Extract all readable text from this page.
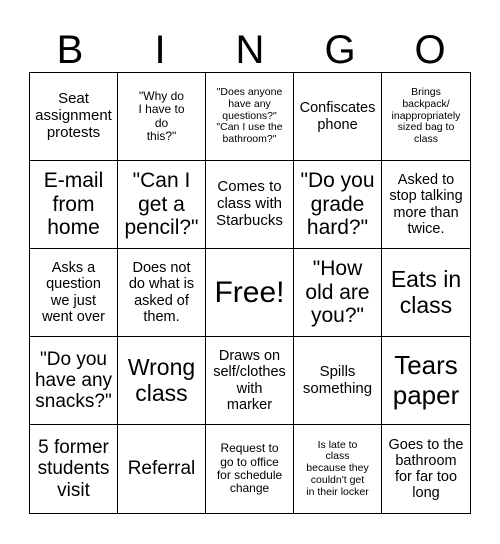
B	I	N	G	O
Seat
assignment
protests
"Why do
I have to
do
this?"
"Does anyone
have any
questions?"
"Can I use the
bathroom?"
Confiscates
phone
Brings
backpack/
inappropriately
sized bag to
class
E-mail
from
home
"Can I
get a
pencil?"
Comes to
class with
Starbucks
"Do you
grade
hard?"
Asked to
stop talking
more than
twice.
Asks a
question
we just
went over
Does not
do what is
asked of
them.
Free!
"How
old are
you?"
Eats in
class
"Do you
have any
snacks?"
Wrong
class
Draws on
self/clothes
with
marker
Spills
something
Tears
paper
5 former
students
visit
Referral
Request to
go to office
for schedule
change
Is late to
class
because they
couldn't get
in their locker
Goes to the
bathroom
for far too
long
